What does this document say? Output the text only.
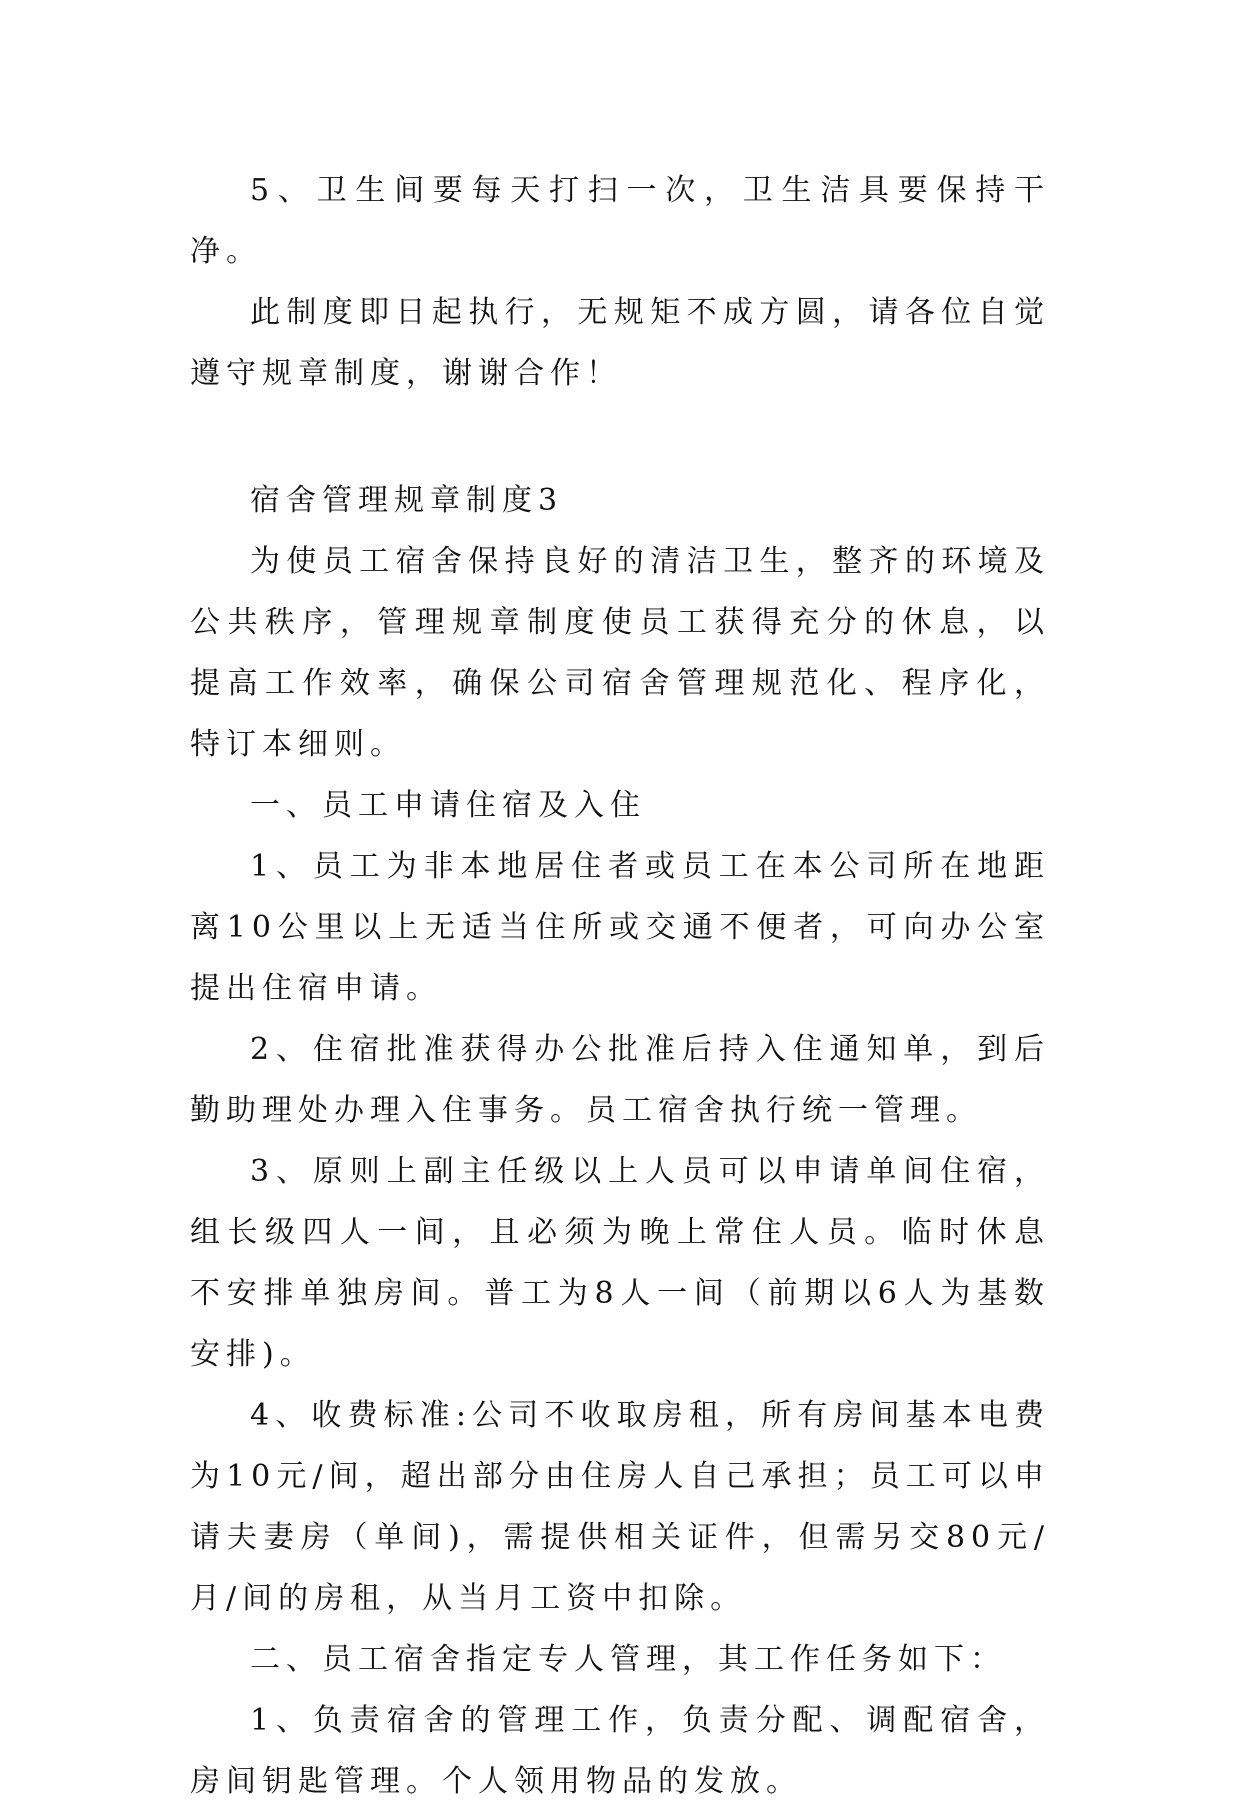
5、卫生间要每天打扫一次，卫生洁具要保持干净。

此制度即日起执行，无规矩不成方圆，请各位自觉遵守规章制度，谢谢合作！

宿舍管理规章制度3

为使员工宿舍保持良好的清洁卫生，整齐的环境及公共秩序，管理规章制度使员工获得充分的休息，以提高工作效率，确保公司宿舍管理规范化、程序化，特订本细则。

一、员工申请住宿及入住

1、员工为非本地居住者或员工在本公司所在地距离10公里以上无适当住所或交通不便者，可向办公室提出住宿申请。

2、住宿批准获得办公批准后持入住通知单，到后勤助理处办理入住事务。员工宿舍执行统一管理。

3、原则上副主任级以上人员可以申请单间住宿，组长级四人一间，且必须为晚上常住人员。临时休息不安排单独房间。普工为8人一间（前期以6人为基数安排)。

4、收费标准:公司不收取房租，所有房间基本电费为10元/间，超出部分由住房人自己承担；员工可以申请夫妻房（单间)，需提供相关证件，但需另交80元/月/间的房租，从当月工资中扣除。

二、员工宿舍指定专人管理，其工作任务如下：

1、负责宿舍的管理工作，负责分配、调配宿舍，房间钥匙管理。个人领用物品的发放。
